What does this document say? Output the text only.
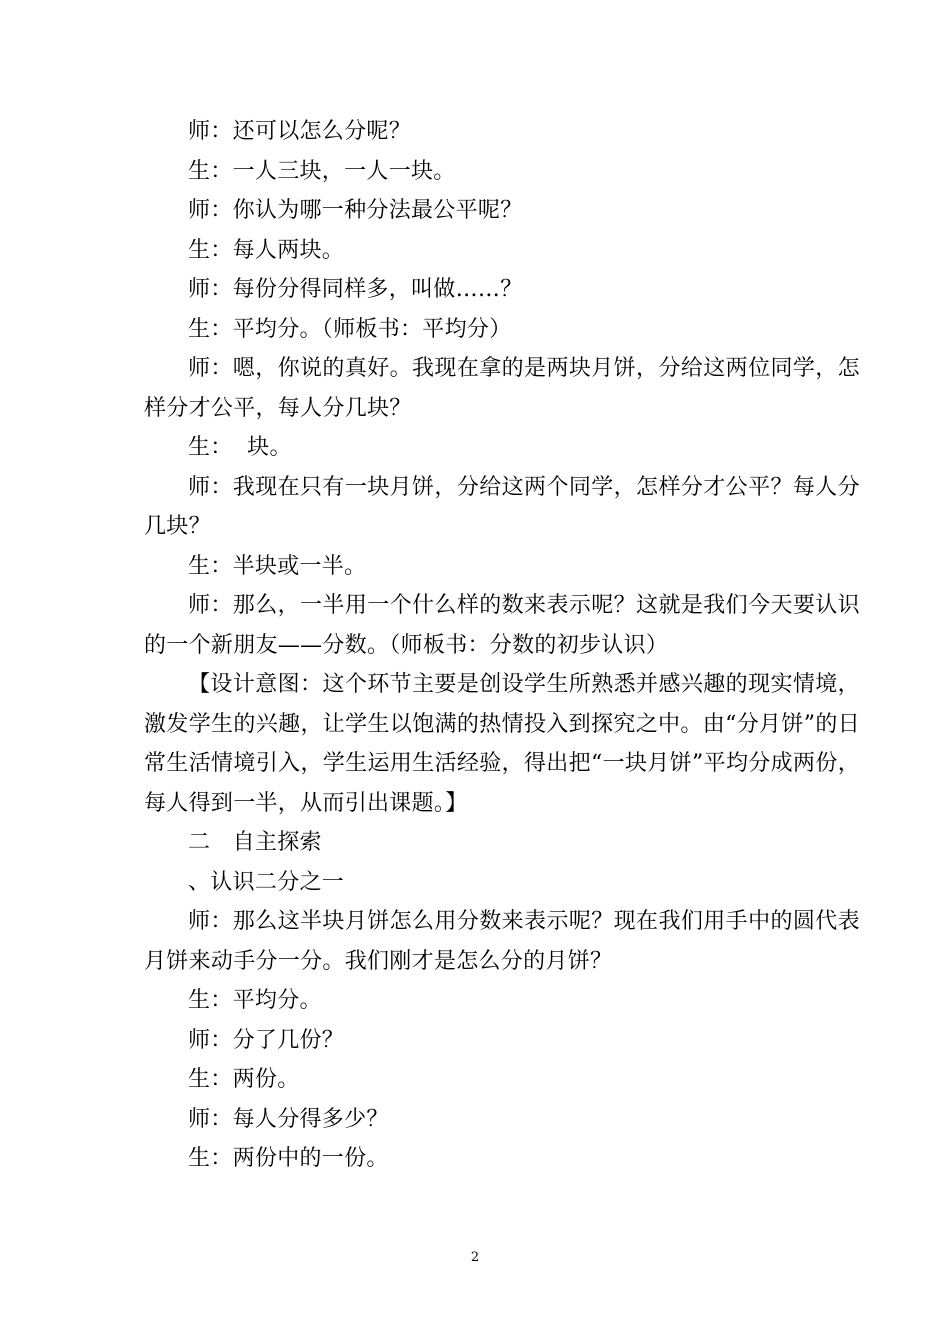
师：还可以怎么分呢？

生：一人三块，一人一块。

师：你认为哪一种分法最公平呢？

生：每人两块。

师：每份分得同样多，叫做……？

生：平均分。（师板书：平均分）

师：嗯，你说的真好。我现在拿的是两块月饼，分给这两位同学，怎样分才公平，每人分几块？

生：  块。

师：我现在只有一块月饼，分给这两个同学，怎样分才公平？每人分几块？

生：半块或一半。

师：那么，一半用一个什么样的数来表示呢？这就是我们今天要认识的一个新朋友——分数。（师板书：分数的初步认识）

【设计意图：这个环节主要是创设学生所熟悉并感兴趣的现实情境，激发学生的兴趣，让学生以饱满的热情投入到探究之中。由“分月饼”的日常生活情境引入，学生运用生活经验，得出把“一块月饼”平均分成两份，每人得到一半，从而引出课题。】

二　自主探索

、认识二分之一

师：那么这半块月饼怎么用分数来表示呢？现在我们用手中的圆代表月饼来动手分一分。我们刚才是怎么分的月饼？

生：平均分。

师：分了几份？

生：两份。

师：每人分得多少？

生：两份中的一份。

2
